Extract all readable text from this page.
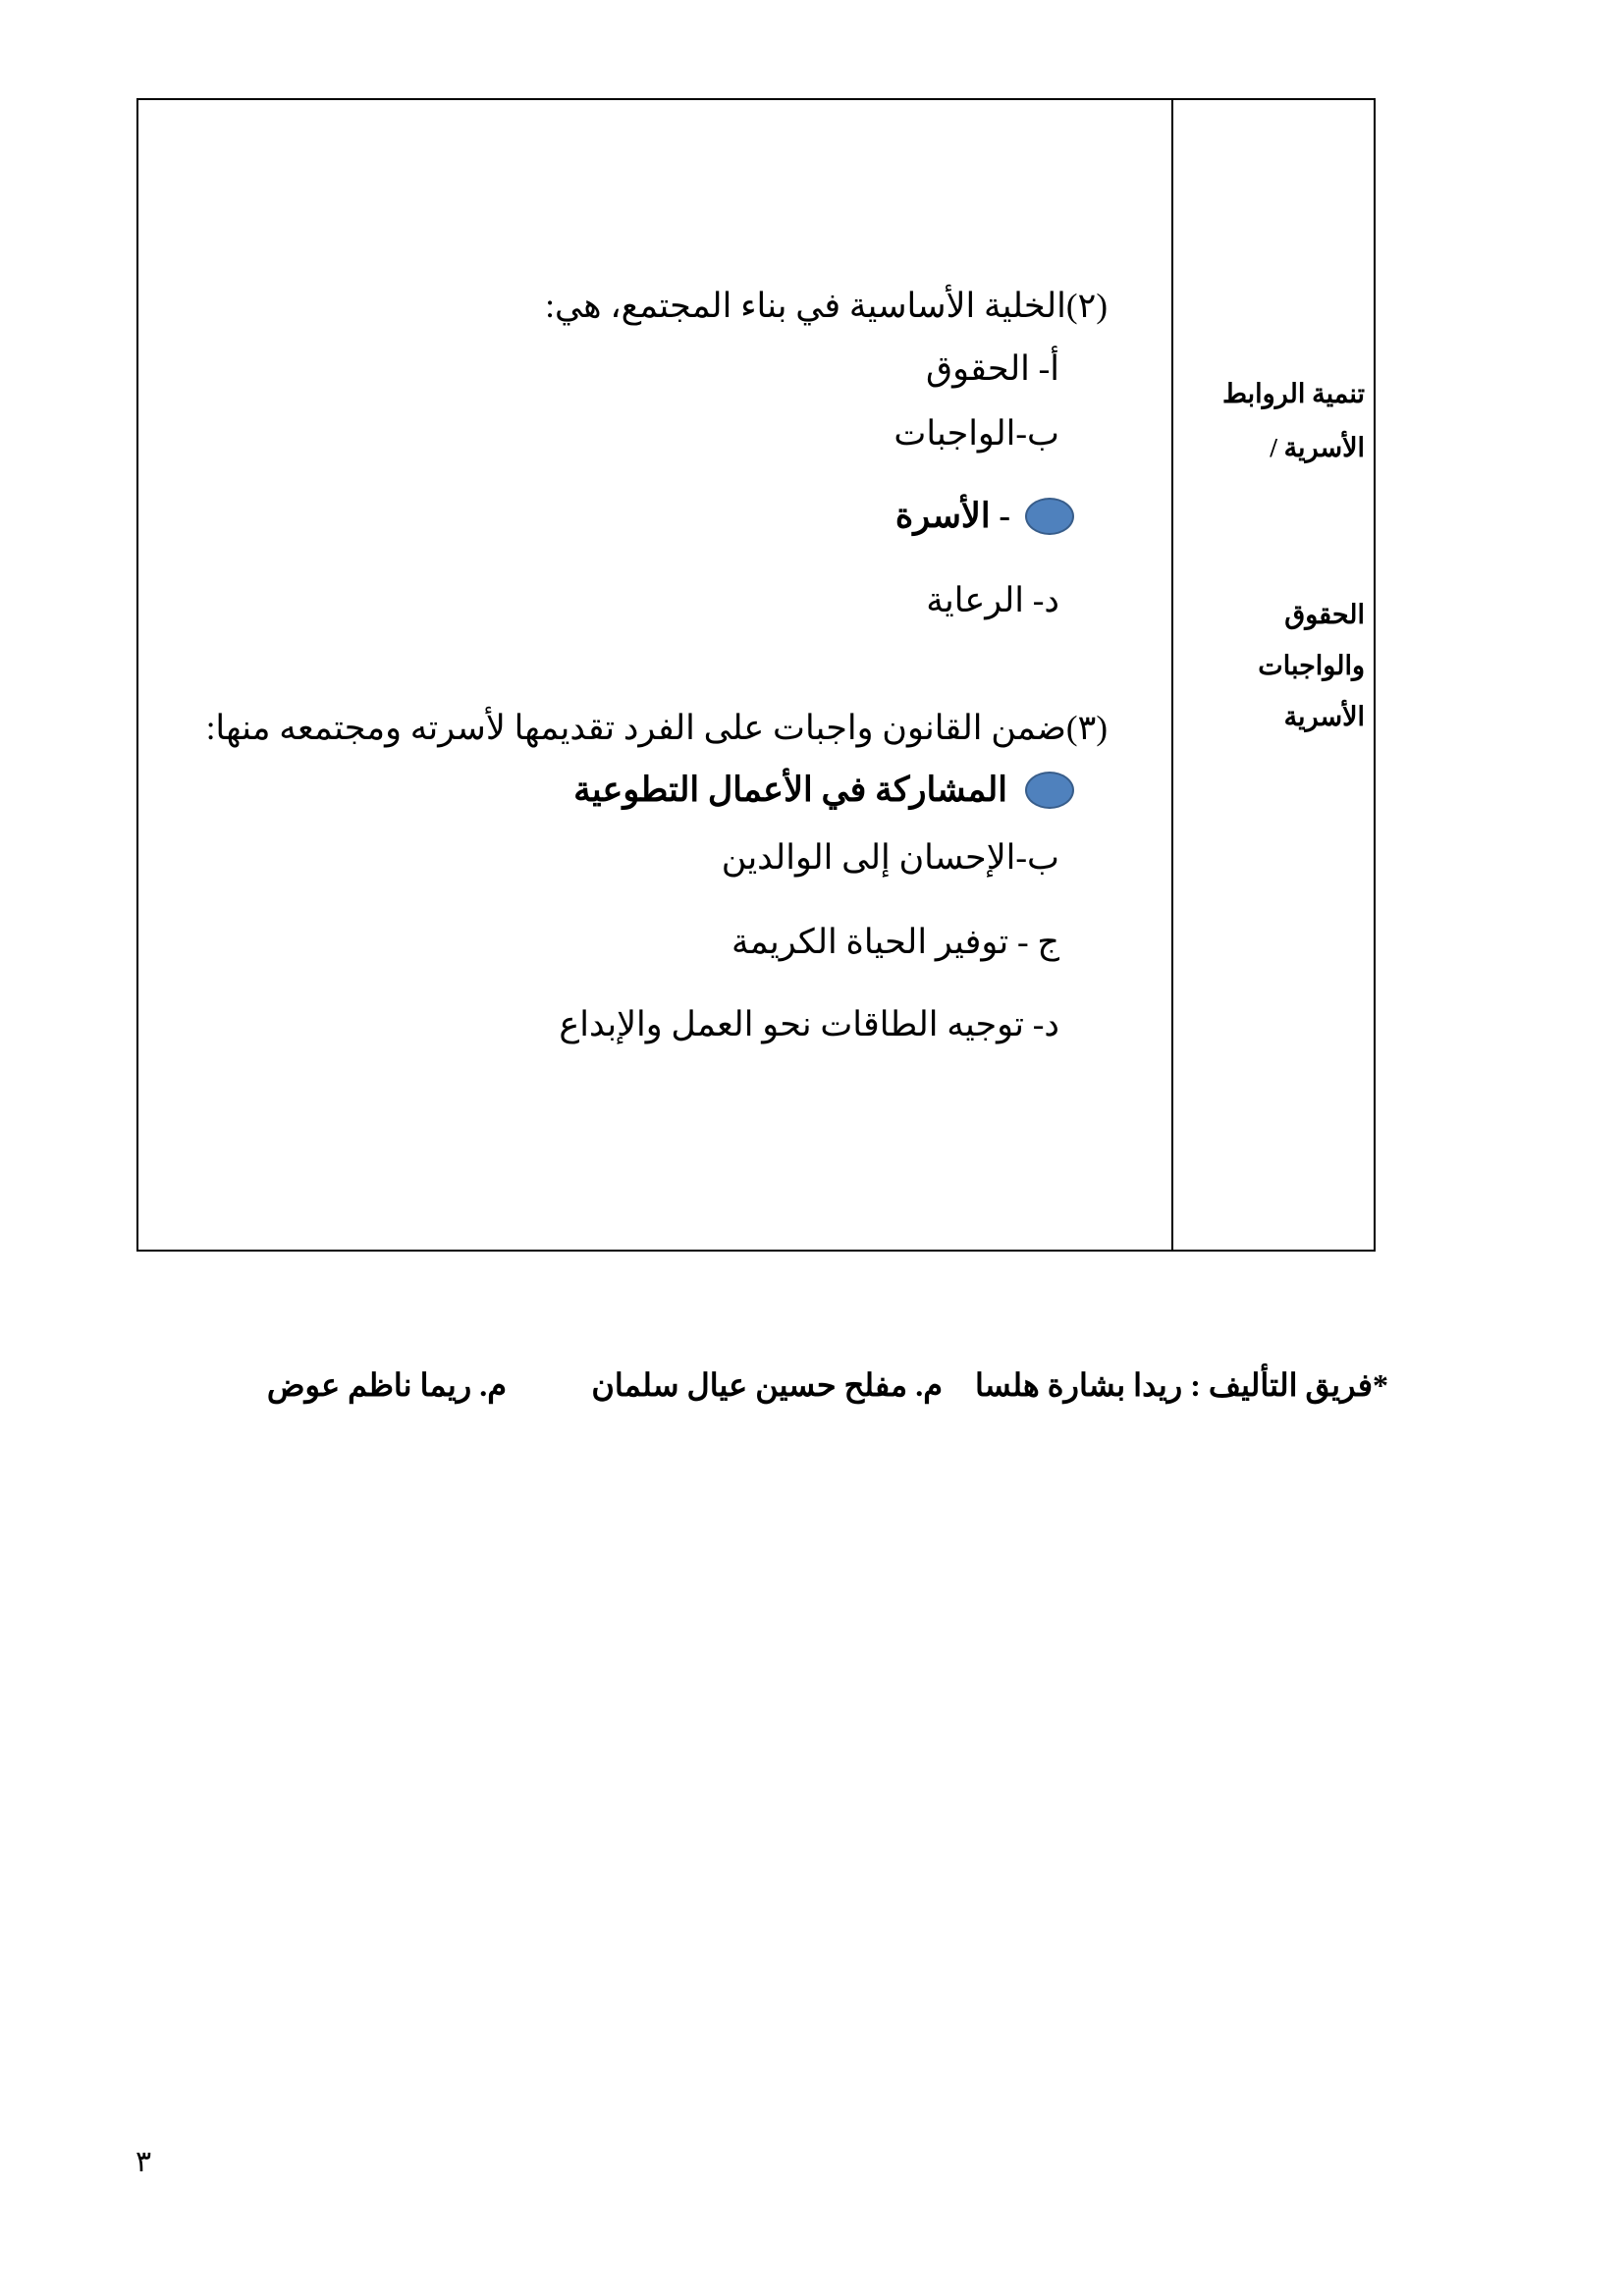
تنمية الروابط
الأسرية /
الحقوق
والواجبات
الأسرية
(٢)الخلية الأساسية في بناء المجتمع، هي:
أ- الحقوق
ب-الواجبات
- الأسرة
د- الرعاية
(٣)ضمن القانون واجبات على الفرد تقديمها لأسرته ومجتمعه منها:
المشاركة في الأعمال التطوعية
ب-الإحسان إلى الوالدين
ج - توفير الحياة الكريمة
د- توجيه الطاقات نحو العمل والإبداع
*فريق التأليف : ريدا بشارة هلسا
م. مفلح حسين عيال سلمان
م. ريما ناظم عوض
٣
